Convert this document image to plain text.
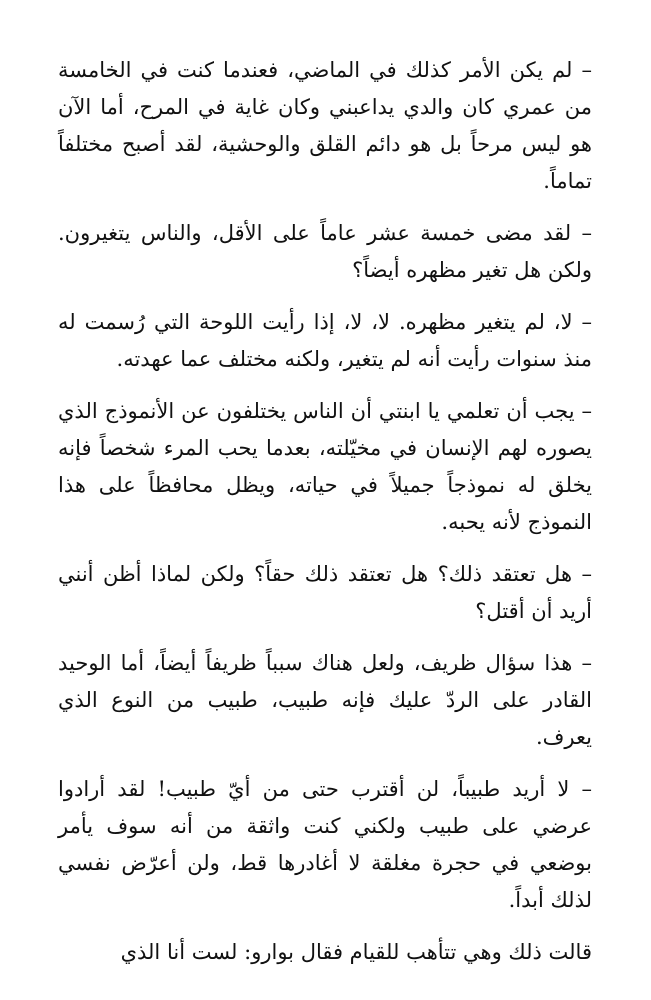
– لم يكن الأمر كذلك في الماضي، فعندما كنت في الخامسة من عمري كان والدي يداعبني وكان غاية في المرح، أما الآن هو ليس مرحاً بل هو دائم القلق والوحشية، لقد أصبح مختلفاً تماماً.

– لقد مضى خمسة عشر عاماً على الأقل، والناس يتغيرون. ولكن هل تغير مظهره أيضاً؟

– لا، لم يتغير مظهره. لا، لا، إذا رأيت اللوحة التي رُسمت له منذ سنوات رأيت أنه لم يتغير، ولكنه مختلف عما عهدته.

– يجب أن تعلمي يا ابنتي أن الناس يختلفون عن الأنموذج الذي يصوره لهم الإنسان في مخيّلته، بعدما يحب المرء شخصاً فإنه يخلق له نموذجاً جميلاً في حياته، ويظل محافظاً على هذا النموذج لأنه يحبه.

– هل تعتقد ذلك؟ هل تعتقد ذلك حقاً؟ ولكن لماذا أظن أنني أريد أن أقتل؟

– هذا سؤال ظريف، ولعل هناك سبباً ظريفاً أيضاً، أما الوحيد القادر على الردّ عليك فإنه طبيب، طبيب من النوع الذي يعرف.

– لا أريد طبيباً، لن أقترب حتى من أيّ طبيب! لقد أرادوا عرضي على طبيب ولكني كنت واثقة من أنه سوف يأمر بوضعي في حجرة مغلقة لا أغادرها قط، ولن أعرّض نفسي لذلك أبداً.

قالت ذلك وهي تتأهب للقيام فقال بوارو: لست أنا الذي
